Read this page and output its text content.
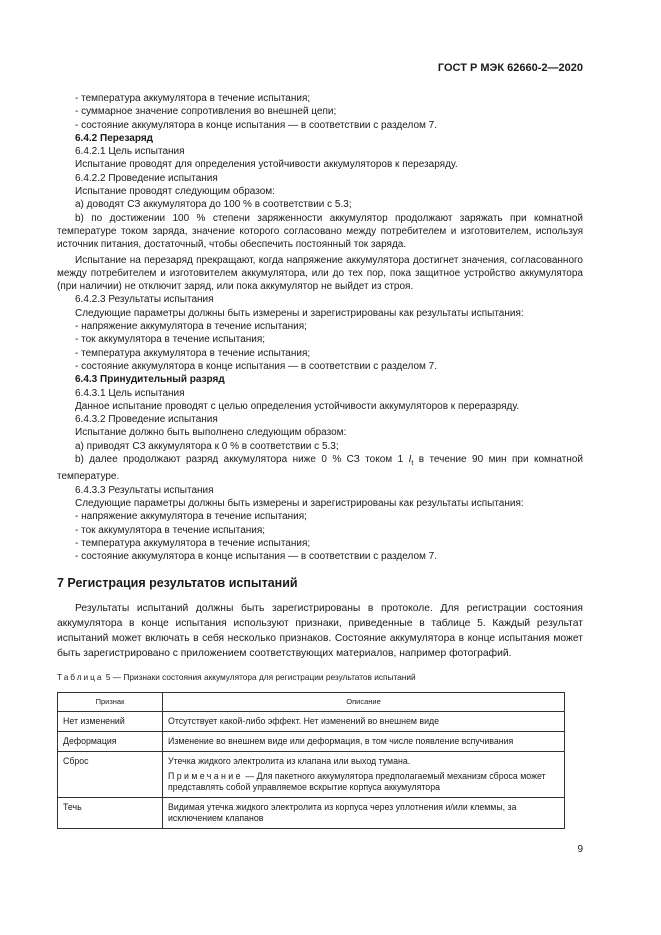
ГОСТ Р МЭК 62660-2—2020

- температура аккумулятора в течение испытания;

- суммарное значение сопротивления во внешней цепи;

- состояние аккумулятора в конце испытания — в соответствии с разделом 7.

6.4.2 Перезаряд

6.4.2.1 Цель испытания

Испытание проводят для определения устойчивости аккумуляторов к перезаряду.

6.4.2.2 Проведение испытания

Испытание проводят следующим образом:

а) доводят СЗ аккумулятора до 100 % в соответствии с 5.3;

b) по достижении 100 % степени заряженности аккумулятор продолжают заряжать при комнатной температуре током заряда, значение которого согласовано между потребителем и изготовителем, используя источник питания, достаточный, чтобы обеспечить постоянный ток заряда.

Испытание на перезаряд прекращают, когда напряжение аккумулятора достигнет значения, согласованного между потребителем и изготовителем аккумулятора, или до тех пор, пока защитное устройство аккумулятора (при наличии) не отключит заряд, или пока аккумулятор не выйдет из строя.

6.4.2.3 Результаты испытания

Следующие параметры должны быть измерены и зарегистрированы как результаты испытания:

- напряжение аккумулятора в течение испытания;

- ток аккумулятора в течение испытания;

- температура аккумулятора в течение испытания;

- состояние аккумулятора в конце испытания — в соответствии с разделом 7.

6.4.3 Принудительный разряд

6.4.3.1 Цель испытания

Данное испытание проводят с целью определения устойчивости аккумуляторов к переразряду.

6.4.3.2 Проведение испытания

Испытание должно быть выполнено следующим образом:

а) приводят СЗ аккумулятора к 0 % в соответствии с 5.3;

b) далее продолжают разряд аккумулятора ниже 0 % СЗ током 1 $I_t$ в течение 90 мин при комнатной температуре.

6.4.3.3 Результаты испытания

Следующие параметры должны быть измерены и зарегистрированы как результаты испытания:

- напряжение аккумулятора в течение испытания;

- ток аккумулятора в течение испытания;

- температура аккумулятора в течение испытания;

- состояние аккумулятора в конце испытания — в соответствии с разделом 7.

7 Регистрация результатов испытаний

Результаты испытаний должны быть зарегистрированы в протоколе. Для регистрации состояния аккумулятора в конце испытания используют признаки, приведенные в таблице 5. Каждый результат испытаний может включать в себя несколько признаков. Состояние аккумулятора в конце испытания может быть зарегистрировано с приложением соответствующих материалов, например фотографий.

Таблица 5 — Признаки состояния аккумулятора для регистрации результатов испытаний
Признак	Описание
Нет изменений	Отсутствует какой-либо эффект. Нет изменений во внешнем виде
Деформация	Изменение во внешнем виде или деформация, в том числе появление вспучивания
Сброс	Утечка жидкого электролита из клапана или выход тумана.
Примечание — Для пакетного аккумулятора предполагаемый механизм сброса может представлять собой управляемое вскрытие корпуса аккумулятора

Течь	Видимая утечка жидкого электролита из корпуса через уплотнения и/или клеммы, за исключением клапанов
9
